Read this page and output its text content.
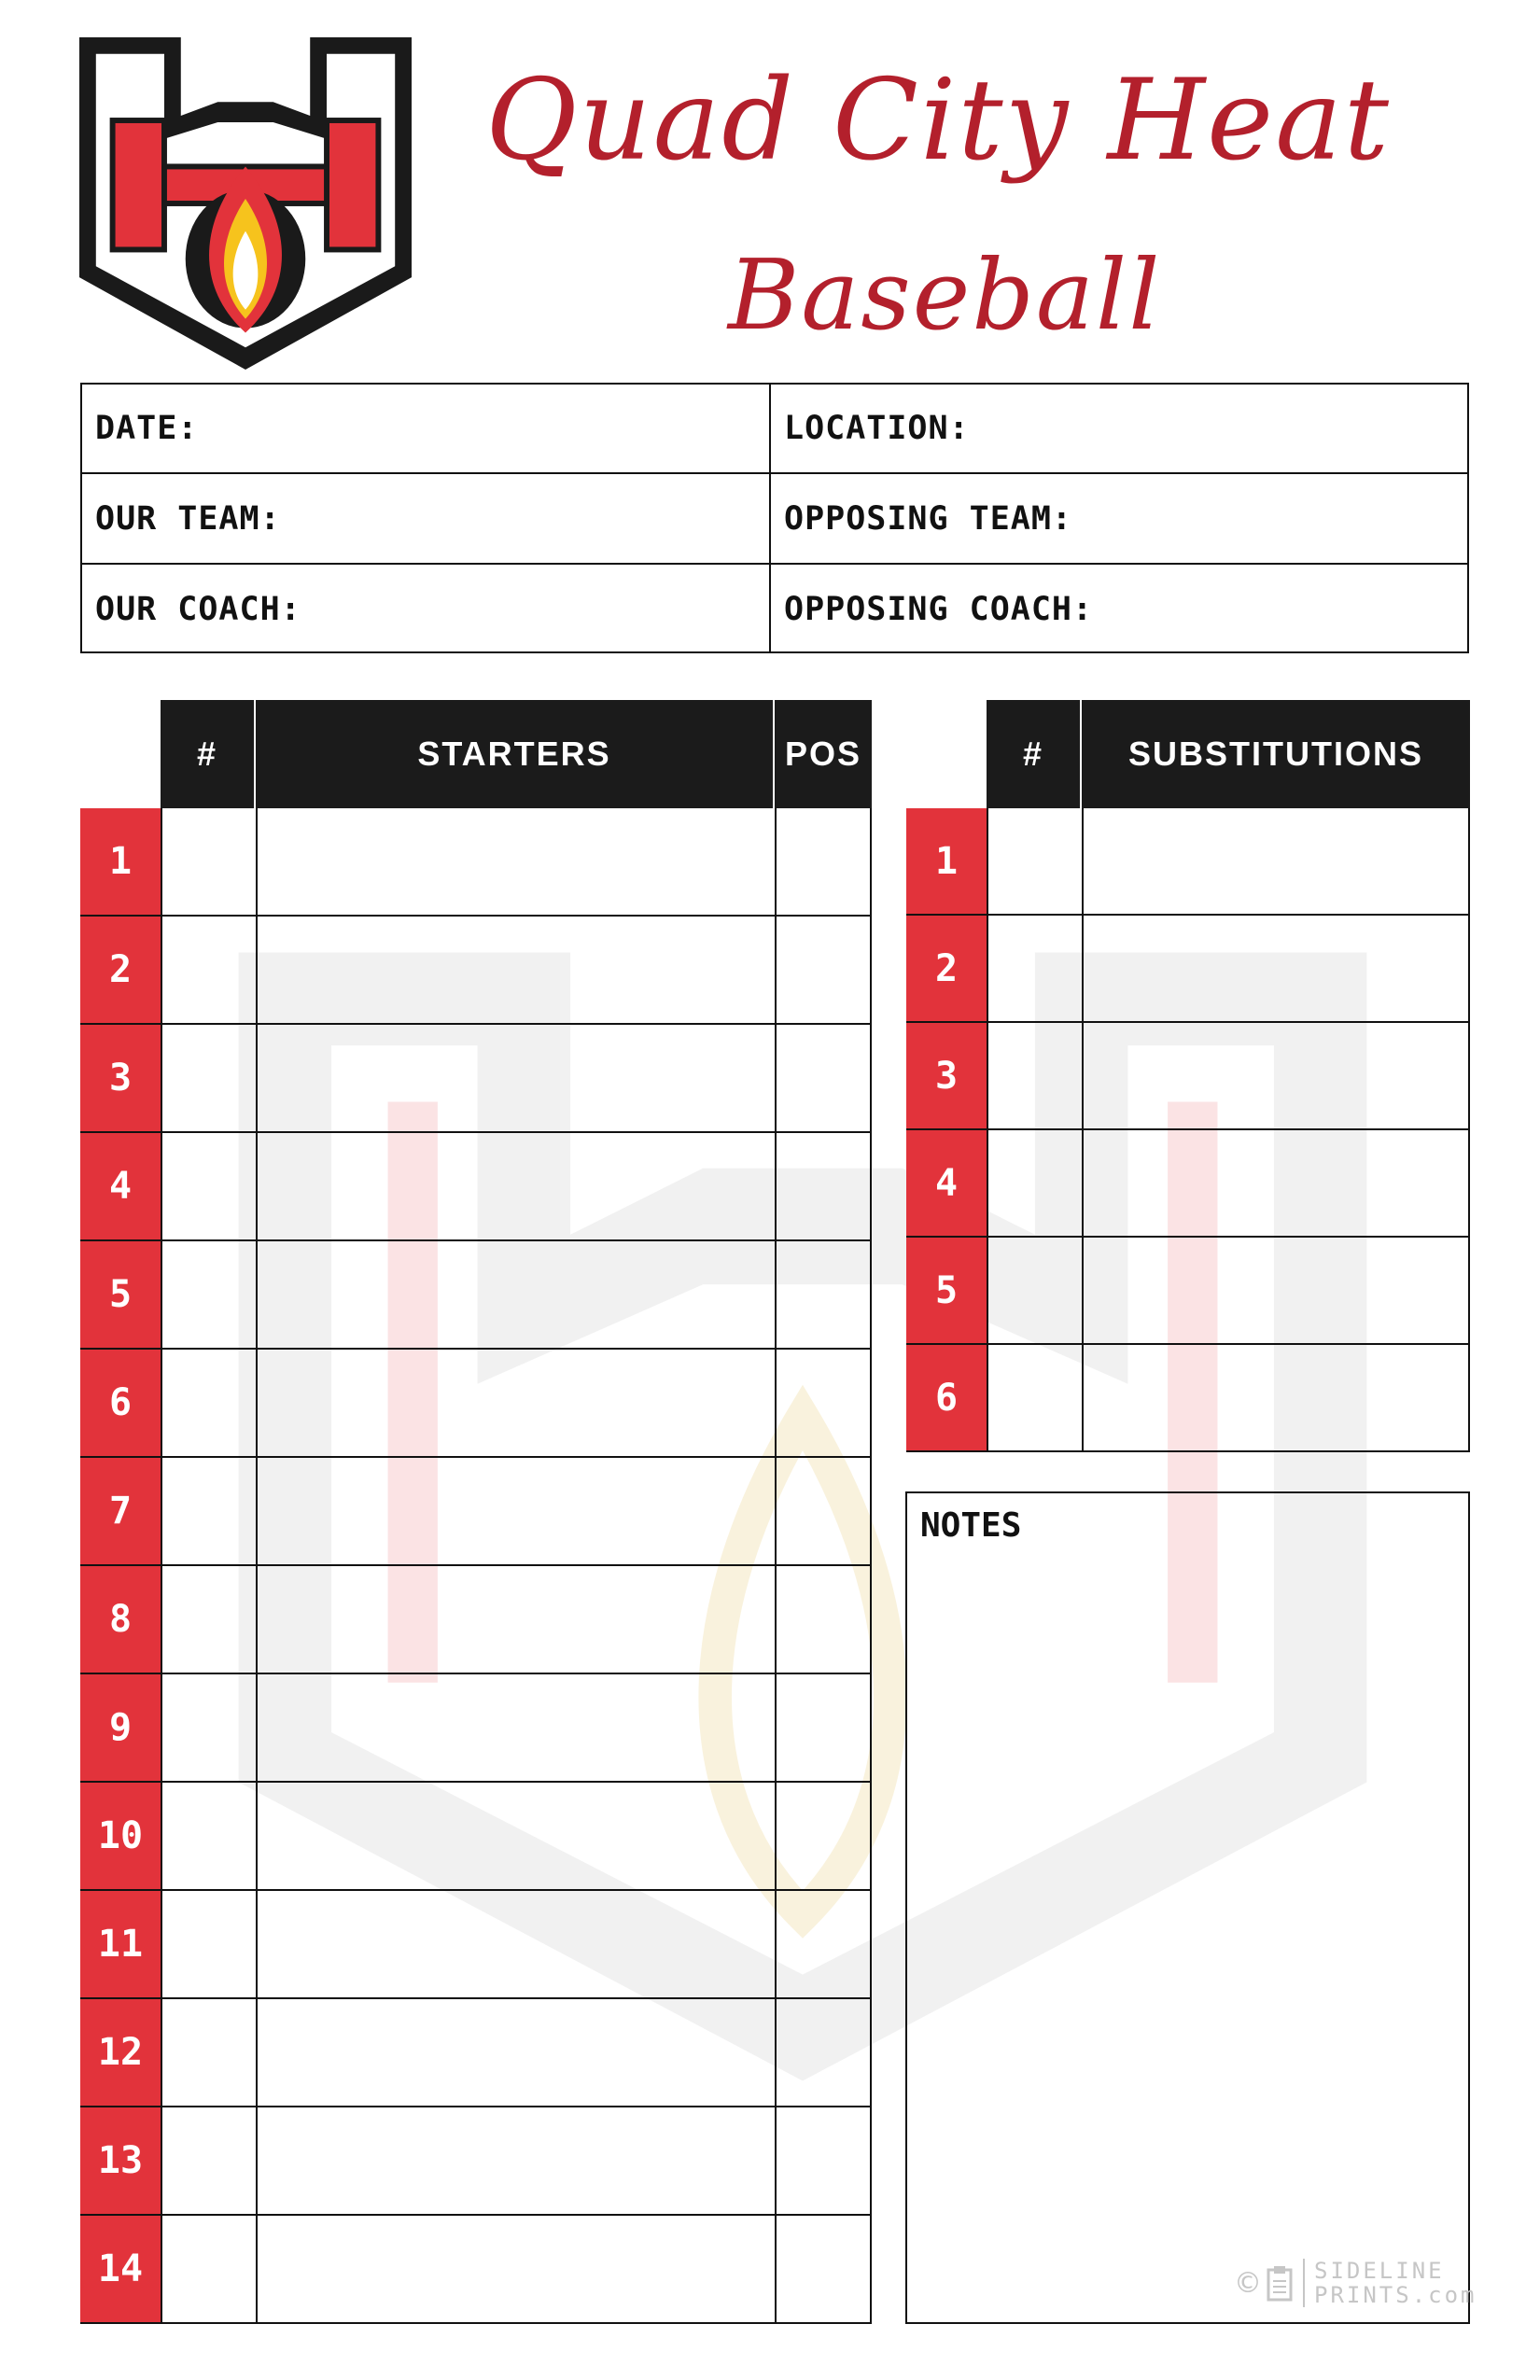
Quad City Heat
Baseball
DATE:	LOCATION:
OUR TEAM:	OPPOSING TEAM:
OUR COACH:	OPPOSING COACH:
#	STARTERS	POS
1
2
3
4
5
6
7
8
9
10
11
12
13
14
#	SUBSTITUTIONS
1
2
3
4
5
6
NOTES
© SIDELINE
PRINTS.com
